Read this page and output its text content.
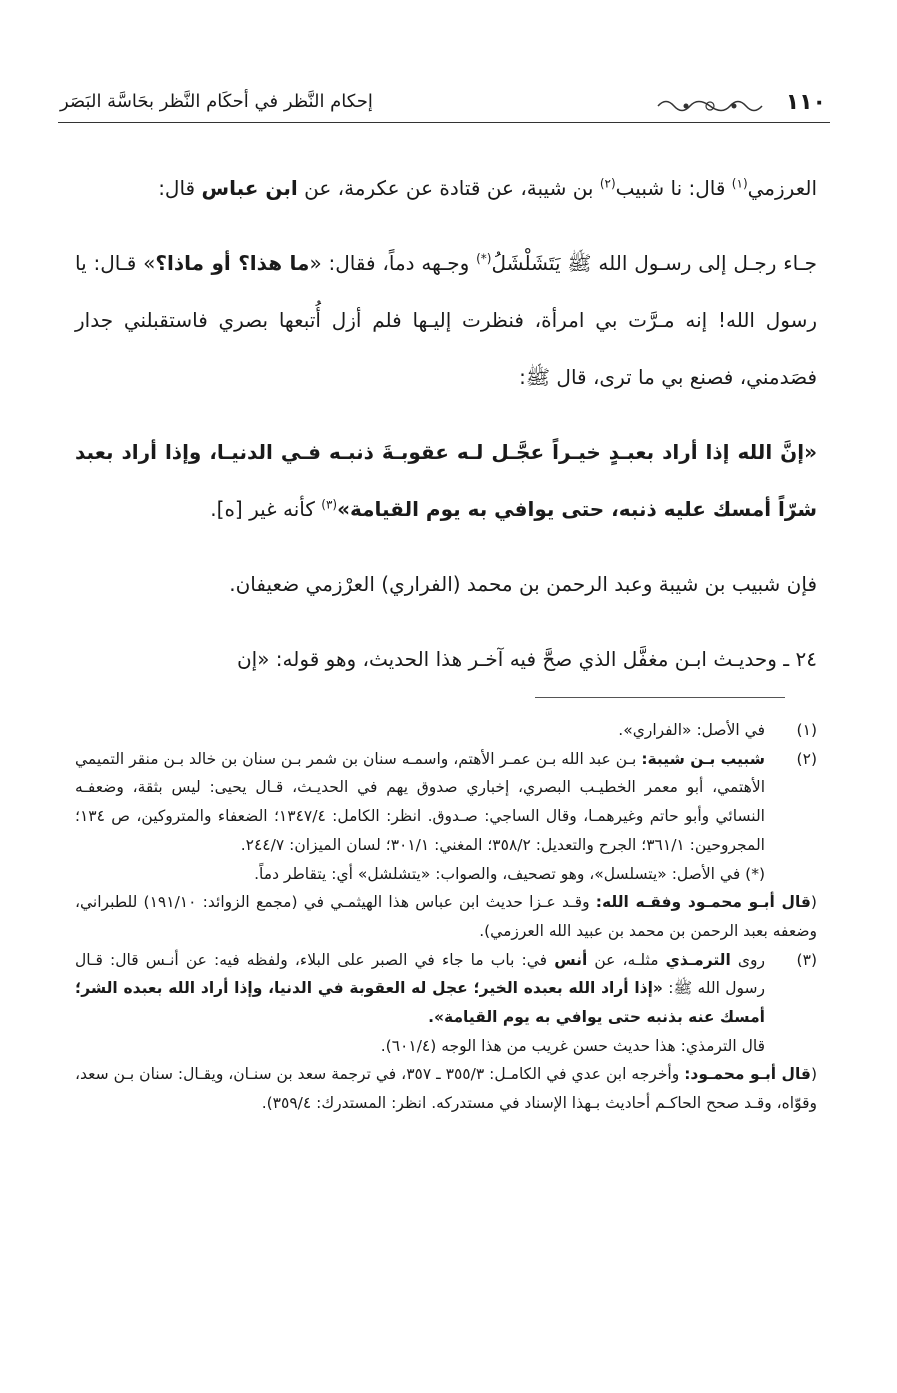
١١٠
إحكام النَّظر في أحكَام النَّظر بحَاسَّة البَصَر

العرزمي$^{(١)}$ قال: نا شبيب$^{(٢)}$ بن شيبة، عن قتادة عن عكرمة، عن ابن عباس قال:

جـاء رجـل إلى رسـول الله ﷺ يَتَشَلْشَلُ(*) وجـهه دماً، فقال: «ما هذا؟ أو ماذا؟» قـال: يا رسول الله! إنه مـرَّت بي امرأة، فنظرت إليـها فلم أزل أُتبعها بصري فاستقبلني جدار فصَدمني، فصنع بي ما ترى، قال ﷺ:

«إنَّ الله إذا أراد بعبـدٍ خيـراً عجَّـل لـه عقوبـةَ ذنبـه فـي الدنيـا، وإذا أراد بعبد شرّاً أمسك عليه ذنبه، حتى يوافي به يوم القيامة»$^{(٣)}$ كأنه غير [ه].

فإن شبيب بن شيبة وعبد الرحمن بن محمد (الفراري) العرْزمي ضعيفان.

٢٤ ـ وحديـث ابـن مغفَّل الذي صحَّ فيه آخـر هذا الحديث، وهو قوله: «إن

(١)
في الأصل: «الفراري».

(٢)
شبيب بـن شيبة: بـن عبد الله بـن عمـر الأهتم، واسمـه سنان بن شمر بـن سنان بن خالد بـن منقر التميمي الأهتمي، أبو معمر الخطيـب البصري، إخباري صدوق يهم في الحديـث، قـال يحيى: ليس بثقة، وضعفـه النسائي وأبو حاتم وغيرهمـا، وقال الساجي: صـدوق. انظر: الكامل: ١٣٤٧/٤؛ الضعفاء والمتروكين، ص ١٣٤؛ المجروحين: ٣٦١/١؛ الجرح والتعديل: ٣٥٨/٢؛ المغني: ٣٠١/١؛ لسان الميزان: ٢٤٤/٧.

(*) في الأصل: «يتسلسل»، وهو تصحيف، والصواب: «يتشلشل» أي: يتقاطر دماً.

(قال أبـو محمـود وفقـه الله: وقـد عـزا حديث ابن عباس هذا الهيثمـي في (مجمع الزوائد: ١٩١/١٠) للطبراني، وضعفه بعبد الرحمن بن محمد بن عبيد الله العرزمي).

(٣)
روى الترمـذي مثلـه، عن أنس في: باب ما جاء في الصبر على البلاء، ولفظه فيه: عن أنـس قال: قـال رسول الله ﷺ: «إذا أراد الله بعبده الخير؛ عجل له العقوبة في الدنيا، وإذا أراد الله بعبده الشر؛ أمسك عنه بذنبه حتى يوافي به يوم القيامة».

قال الترمذي: هذا حديث حسن غريب من هذا الوجه (٦٠١/٤).

(قال أبـو محمـود: وأخرجه ابن عدي في الكامـل: ٣٥٥/٣ ـ ٣٥٧، في ترجمة سعد بن سنـان، ويقـال: سنان بـن سعد، وقوّاه، وقـد صحح الحاكـم أحاديث بـهذا الإسناد في مستدركه. انظر: المستدرك: ٣٥٩/٤).
